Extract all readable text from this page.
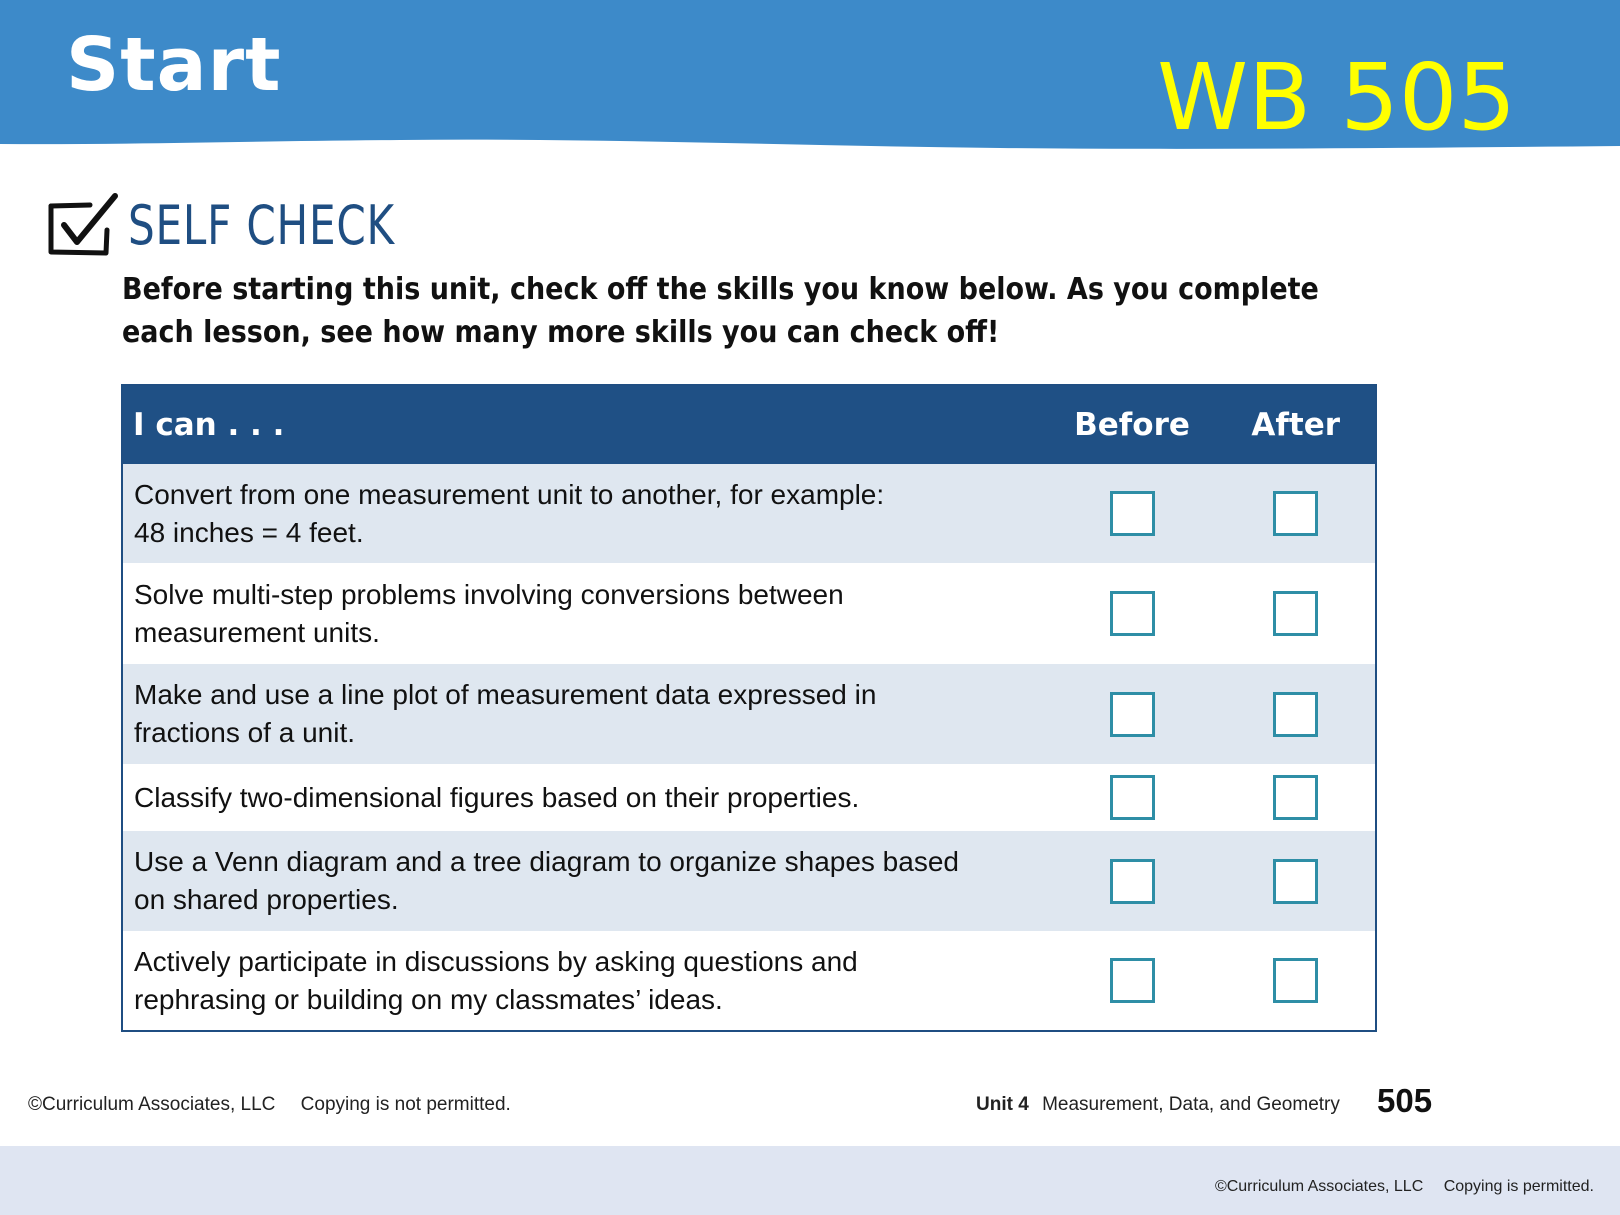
Start	WB 505
SELF CHECK

Before starting this unit, check off the skills you know below. As you complete each lesson, see how many more skills you can check off!

I can . . .	Before	After

Convert from one measurement unit to another, for example:
48 inches = 4 feet.		

Solve multi-step problems involving conversions between
measurement units.		

Make and use a line plot of measurement data expressed in
fractions of a unit.		

Classify two-dimensional figures based on their properties.		

Use a Venn diagram and a tree diagram to organize shapes based
on shared properties.		

Actively participate in discussions by asking questions and
rephrasing or building on my classmates’ ideas.		

©Curriculum Associates, LLC Copying is not permitted.	Unit 4 Measurement, Data, and Geometry 505
©Curriculum Associates, LLC Copying is permitted.
